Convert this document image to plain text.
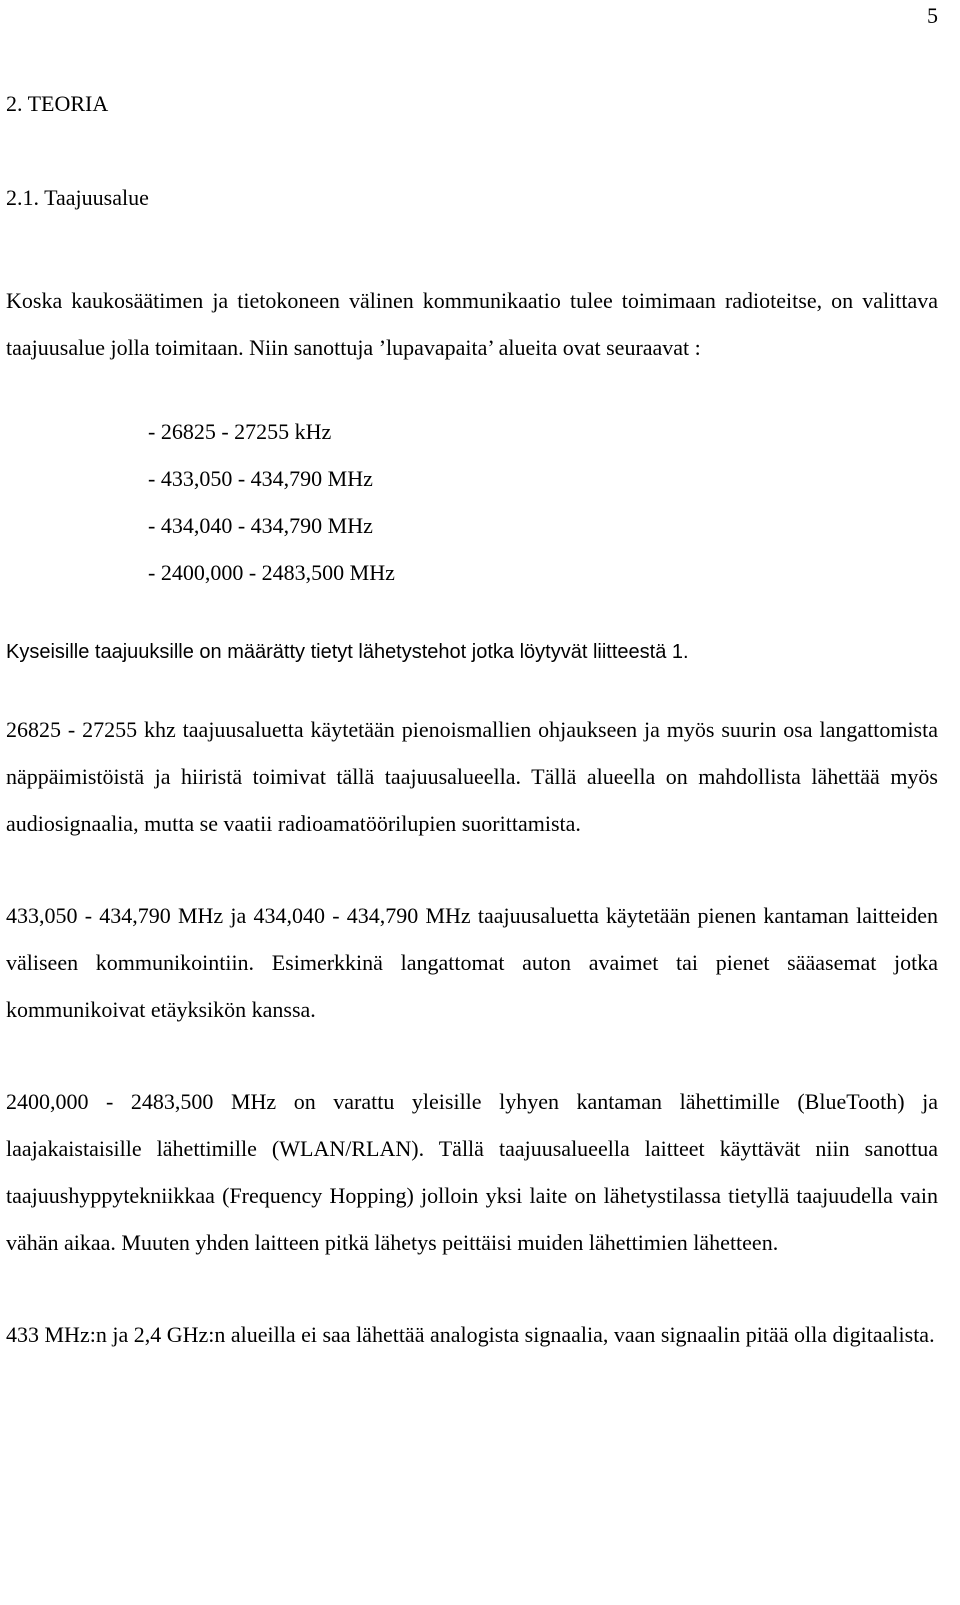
5
2. TEORIA
2.1. Taajuusalue

Koska kaukosäätimen ja tietokoneen välinen kommunikaatio tulee toimimaan radioteitse, on valittava taajuusalue jolla toimitaan. Niin sanottuja ’lupavapaita’ alueita ovat seuraavat :

- 26825 - 27255 kHz
- 433,050 - 434,790 MHz
- 434,040 - 434,790 MHz
- 2400,000 - 2483,500 MHz

Kyseisille taajuuksille on määrätty tietyt lähetystehot jotka löytyvät liitteestä 1.

26825 - 27255 khz taajuusaluetta käytetään pienoismallien ohjaukseen ja myös suurin osa langattomista näppäimistöistä ja hiiristä toimivat tällä taajuusalueella. Tällä alueella on mahdollista lähettää myös audiosignaalia, mutta se vaatii radioamatöörilupien suorittamista.

433,050 - 434,790 MHz ja 434,040 - 434,790 MHz taajuusaluetta käytetään pienen kantaman laitteiden väliseen kommunikointiin. Esimerkkinä langattomat auton avaimet tai pienet sääasemat jotka kommunikoivat etäyksikön kanssa.

2400,000 - 2483,500 MHz on varattu yleisille lyhyen kantaman lähettimille (BlueTooth) ja laajakaistaisille lähettimille (WLAN/RLAN). Tällä taajuusalueella laitteet käyttävät niin sanottua taajuushyppytekniikkaa (Frequency Hopping) jolloin yksi laite on lähetystilassa tietyllä taajuudella vain vähän aikaa. Muuten yhden laitteen pitkä lähetys peittäisi muiden lähettimien lähetteen.

433 MHz:n ja 2,4 GHz:n alueilla ei saa lähettää analogista signaalia, vaan signaalin pitää olla digitaalista.
